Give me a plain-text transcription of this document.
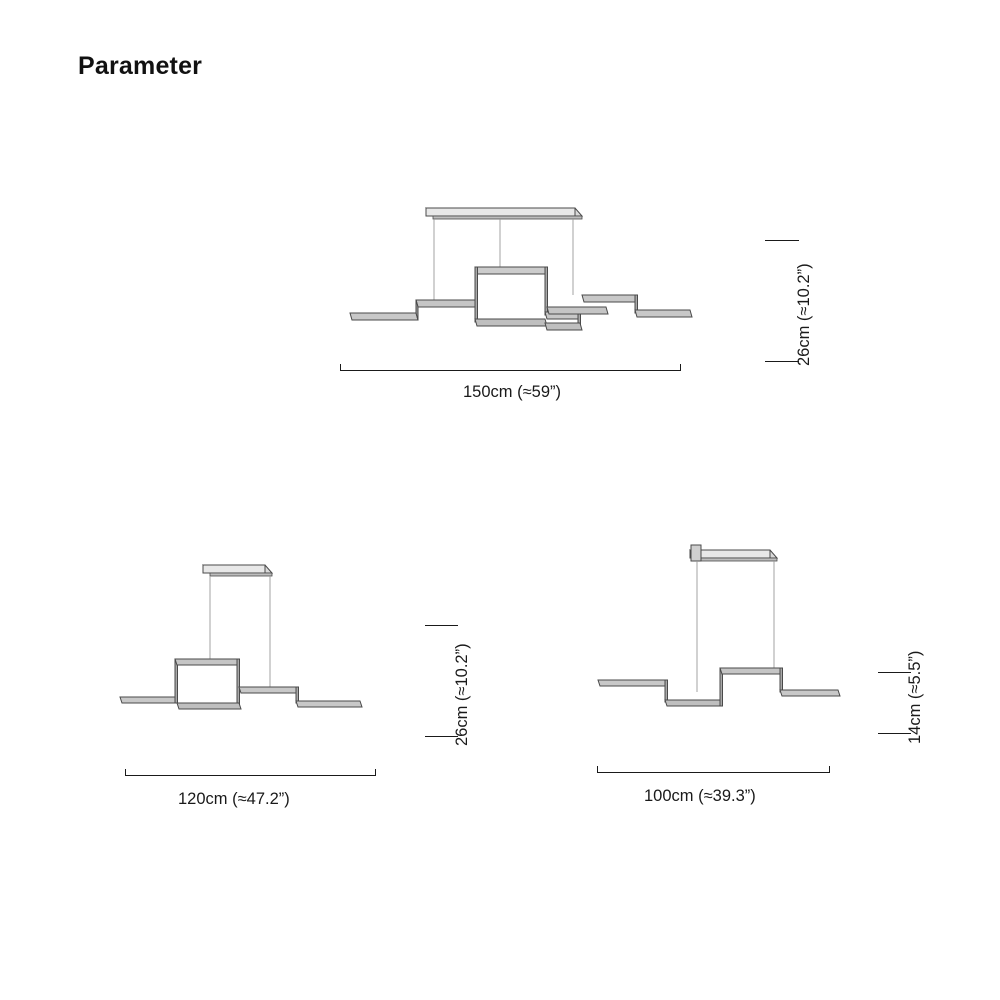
Parameter
150cm (≈59”)
26cm (≈10.2”)
120cm (≈47.2”)
26cm (≈10.2”)
100cm (≈39.3”)
14cm (≈5.5”)
